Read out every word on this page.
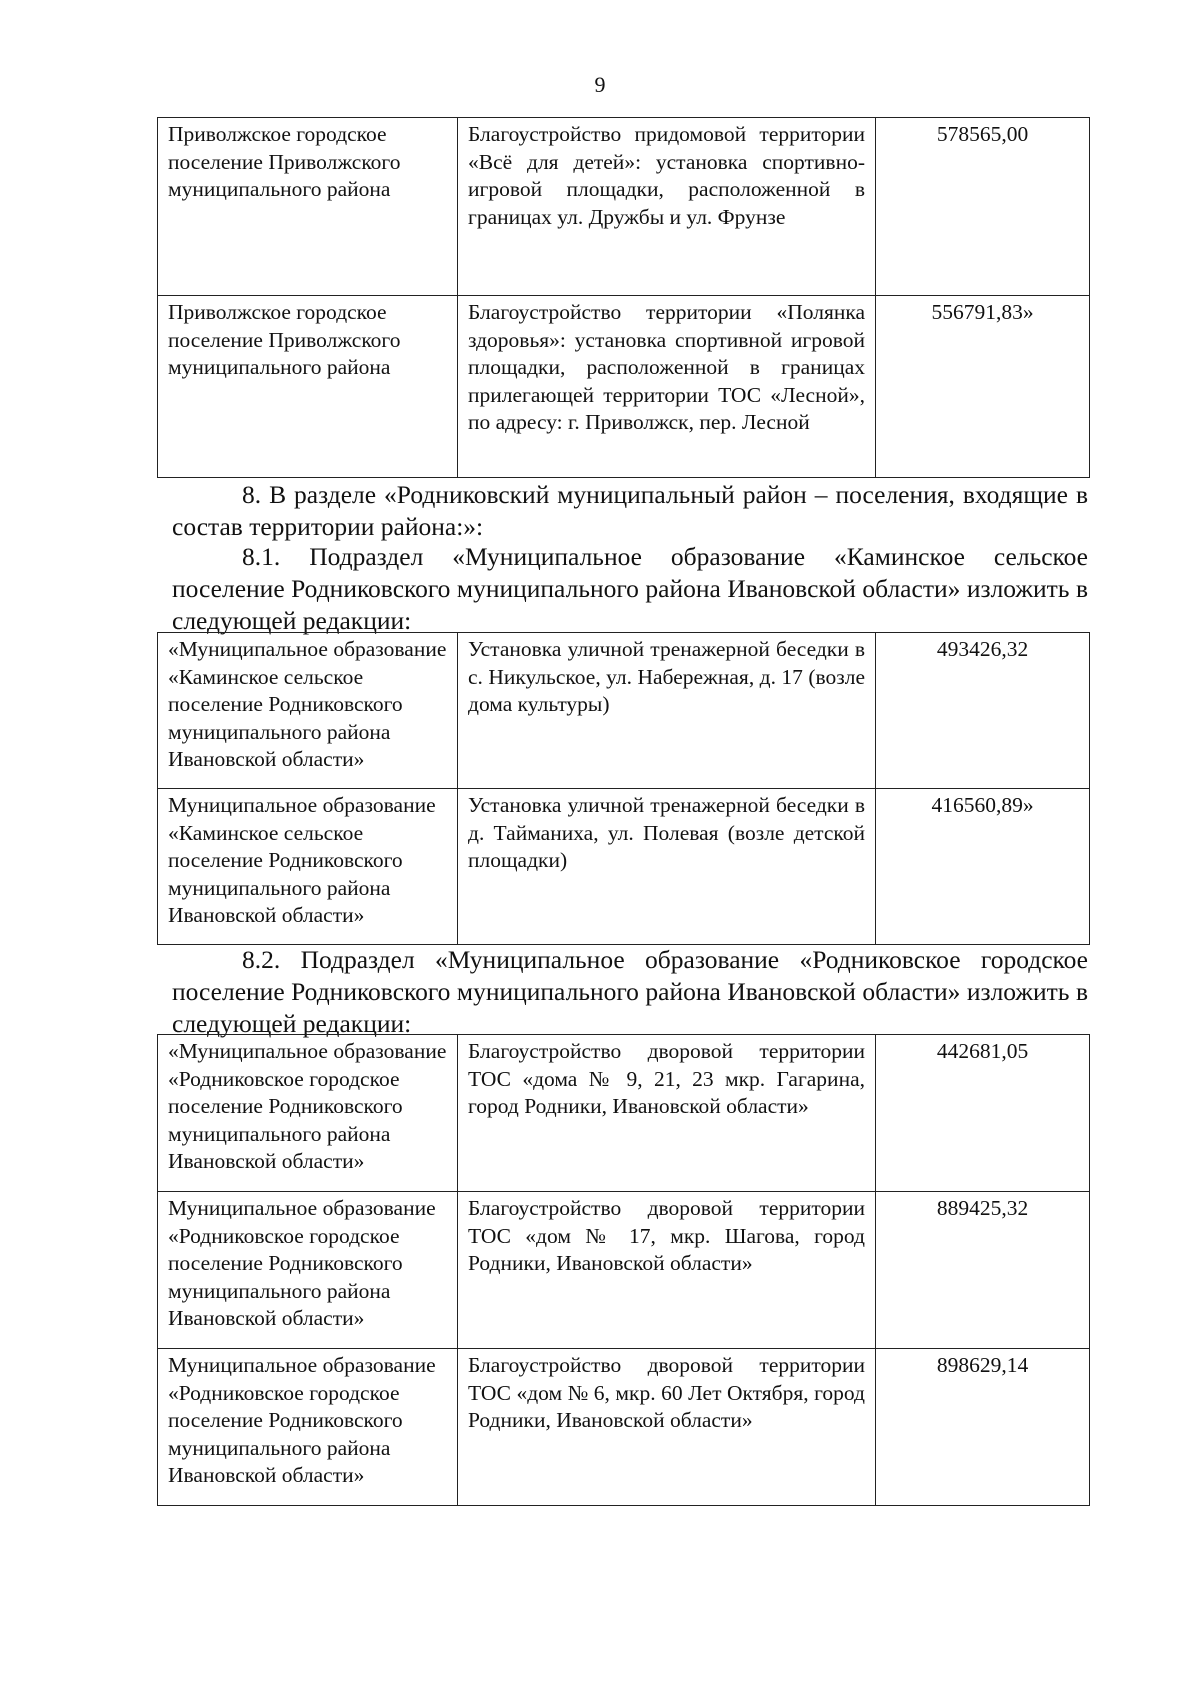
9
Приволжское городское поселение Приволжского муниципального района	Благоустройство придомовой территории «Всё для детей»: установка спортивно-игровой площадки, расположенной в границах ул. Дружбы и ул. Фрунзе	578565,00
Приволжское городское поселение Приволжского муниципального района	Благоустройство территории «Полянка здоровья»: установка спортивной игровой площадки, расположенной в границах прилегающей территории ТОС «Лесной», по адресу: г. Приволжск, пер. Лесной	556791,83»
8. В разделе «Родниковский муниципальный район – поселения, входящие в состав территории района:»:
8.1. Подраздел «Муниципальное образование «Каминское сельское поселение Родниковского муниципального района Ивановской области» изложить в следующей редакции:
«Муниципальное образование «Каминское сельское поселение Родниковского муниципального района Ивановской области»	Установка уличной тренажерной беседки в с. Никульское, ул. Набережная, д. 17 (возле дома культуры)	493426,32
Муниципальное образование «Каминское сельское поселение Родниковского муниципального района Ивановской области»	Установка уличной тренажерной беседки в д. Тайманиха, ул. Полевая (возле детской площадки)	416560,89»
8.2. Подраздел «Муниципальное образование «Родниковское городское поселение Родниковского муниципального района Ивановской области» изложить в следующей редакции:
«Муниципальное образование «Родниковское городское поселение Родниковского муниципального района Ивановской области»	Благоустройство дворовой территории ТОС «дома № 9, 21, 23 мкр. Гагарина, город Родники, Ивановской области»	442681,05
Муниципальное образование «Родниковское городское поселение Родниковского муниципального района Ивановской области»	Благоустройство дворовой территории ТОС «дом № 17, мкр. Шагова, город Родники, Ивановской области»	889425,32
Муниципальное образование «Родниковское городское поселение Родниковского муниципального района Ивановской области»	Благоустройство дворовой территории ТОС «дом № 6, мкр. 60 Лет Октября, город Родники, Ивановской области»	898629,14
